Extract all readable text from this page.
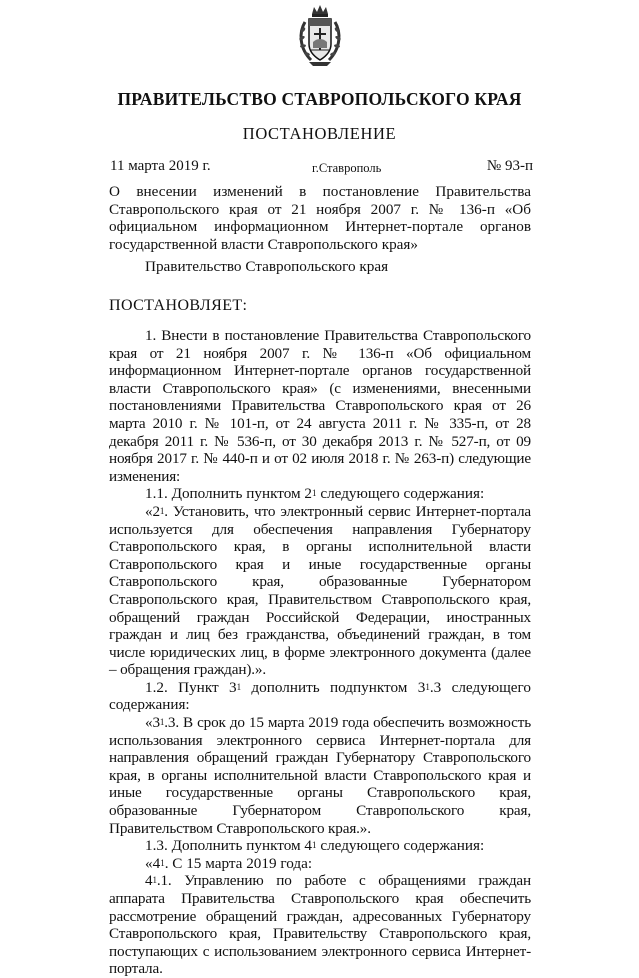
ПРАВИТЕЛЬСТВО СТАВРОПОЛЬСКОГО КРАЯ
ПОСТАНОВЛЕНИЕ
11 марта 2019 г.	г.Ставрополь	№ 93-п

О внесении изменений в постановление Правительства Ставропольского края от 21 ноября 2007 г. № 136-п «Об официальном информационном Интернет-портале органов государственной власти Ставропольского края»

Правительство Ставропольского края
ПОСТАНОВЛЯЕТ:

1. Внести в постановление Правительства Ставропольского края от 21 ноября 2007 г. № 136-п «Об официальном информационном Интернет-портале органов государственной власти Ставропольского края» (с изменениями, внесенными постановлениями Правительства Ставропольского края от 26 марта 2010 г. № 101-п, от 24 августа 2011 г. № 335-п, от 28 декабря 2011 г. № 536-п, от 30 декабря 2013 г. № 527-п, от 09 ноября 2017 г. № 440-п и от 02 июля 2018 г. № 263-п) следующие изменения:

1.1. Дополнить пунктом $2^1$ следующего содержания:

«$2^1$. Установить, что электронный сервис Интернет-портала используется для обеспечения направления Губернатору Ставропольского края, в органы исполнительной власти Ставропольского края и иные государственные органы Ставропольского края, образованные Губернатором Ставропольского края, Правительством Ставропольского края, обращений граждан Российской Федерации, иностранных граждан и лиц без гражданства, объединений граждан, в том числе юридических лиц, в форме электронного документа (далее – обращения граждан).».

1.2. Пункт $3^1$ дополнить подпунктом $3^1.3$ следующего содержания:

«$3^1.3$. В срок до 15 марта 2019 года обеспечить возможность использования электронного сервиса Интернет-портала для направления обращений граждан Губернатору Ставропольского края, в органы исполнительной власти Ставропольского края и иные государственные органы Ставропольского края, образованные Губернатором Ставропольского края, Правительством Ставропольского края.».

1.3. Дополнить пунктом $4^1$ следующего содержания:

«$4^1$. С 15 марта 2019 года:

$4^1.1$. Управлению по работе с обращениями граждан аппарата Правительства Ставропольского края обеспечить рассмотрение обращений граждан, адресованных Губернатору Ставропольского края, Правительству Ставропольского края, поступающих с использованием электронного сервиса Интернет-портала.
